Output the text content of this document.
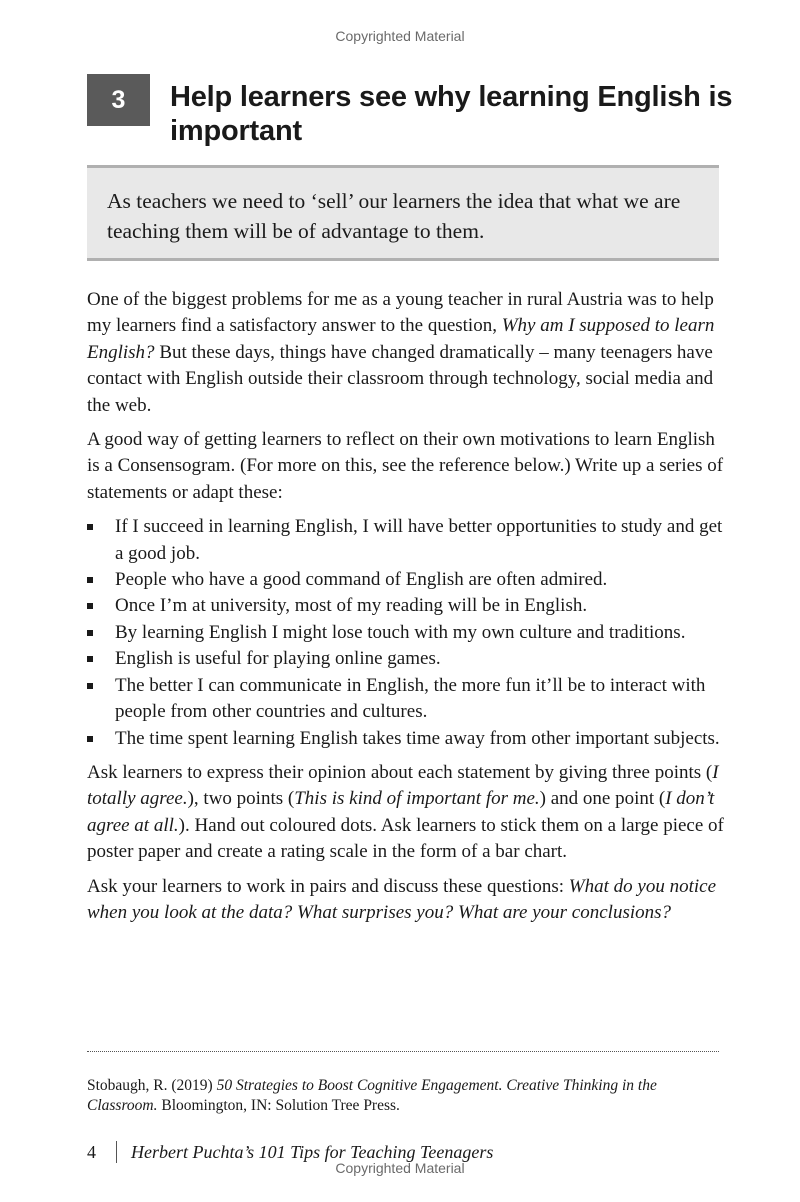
Copyrighted Material
3	Help learners see why learning English is important
As teachers we need to ‘sell’ our learners the idea that what we are teaching them will be of advantage to them.

One of the biggest problems for me as a young teacher in rural Austria was to help my learners find a satisfactory answer to the question, Why am I supposed to learn English? But these days, things have changed dramatically – many teenagers have contact with English outside their classroom through technology, social media and the web.

A good way of getting learners to reflect on their own motivations to learn English is a Consensogram. (For more on this, see the reference below.) Write up a series of statements or adapt these:

If I succeed in learning English, I will have better opportunities to study and get a good job.
People who have a good command of English are often admired.
Once I’m at university, most of my reading will be in English.
By learning English I might lose touch with my own culture and traditions.
English is useful for playing online games.
The better I can communicate in English, the more fun it’ll be to interact with people from other countries and cultures.
The time spent learning English takes time away from other important subjects.

Ask learners to express their opinion about each statement by giving three points (I totally agree.), two points (This is kind of important for me.) and one point (I don’t agree at all.). Hand out coloured dots. Ask learners to stick them on a large piece of poster paper and create a rating scale in the form of a bar chart.

Ask your learners to work in pairs and discuss these questions: What do you notice when you look at the data? What surprises you? What are your conclusions?

Stobaugh, R. (2019) 50 Strategies to Boost Cognitive Engagement. Creative Thinking in the Classroom. Bloomington, IN: Solution Tree Press.
4 Herbert Puchta’s 101 Tips for Teaching Teenagers
Copyrighted Material
